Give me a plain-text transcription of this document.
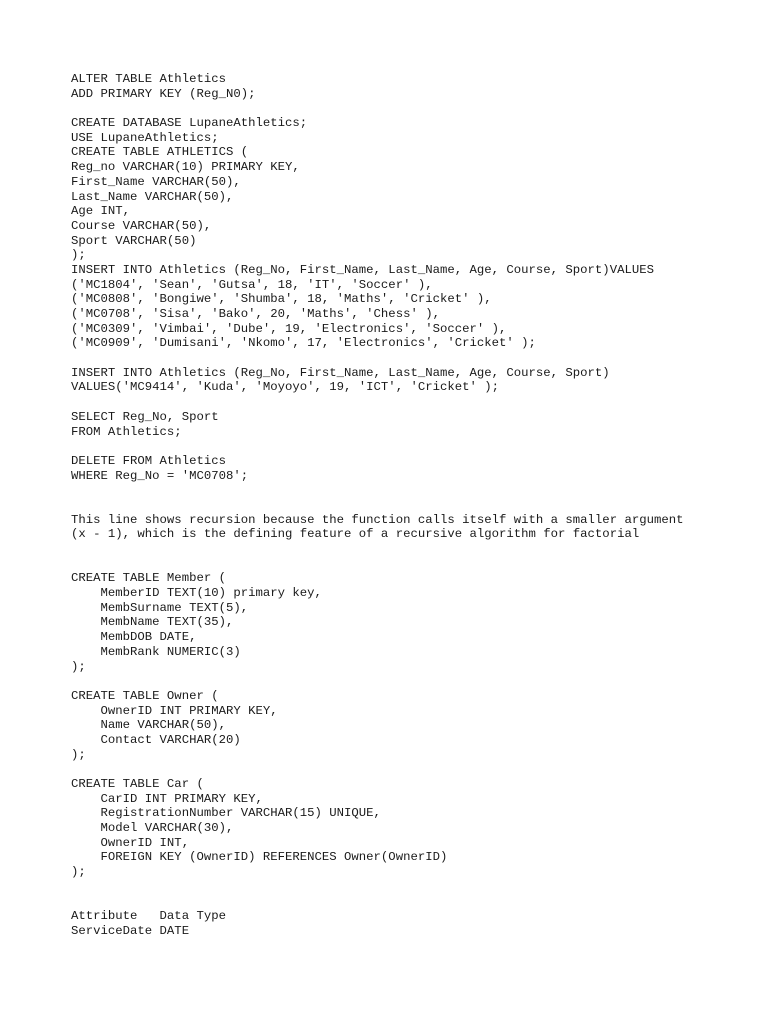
ALTER TABLE Athletics
ADD PRIMARY KEY (Reg_N0);
CREATE DATABASE LupaneAthletics;
USE LupaneAthletics;
CREATE TABLE ATHLETICS (
Reg_no VARCHAR(10) PRIMARY KEY,
First_Name VARCHAR(50),
Last_Name VARCHAR(50),
Age INT,
Course VARCHAR(50),
Sport VARCHAR(50)
);
INSERT INTO Athletics (Reg_No, First_Name, Last_Name, Age, Course, Sport)VALUES
('MC1804', 'Sean', 'Gutsa', 18, 'IT', 'Soccer' ),
('MC0808', 'Bongiwe', 'Shumba', 18, 'Maths', 'Cricket' ),
('MC0708', 'Sisa', 'Bako', 20, 'Maths', 'Chess' ),
('MC0309', 'Vimbai', 'Dube', 19, 'Electronics', 'Soccer' ),
('MC0909', 'Dumisani', 'Nkomo', 17, 'Electronics', 'Cricket' );
INSERT INTO Athletics (Reg_No, First_Name, Last_Name, Age, Course, Sport)
VALUES('MC9414', 'Kuda', 'Moyoyo', 19, 'ICT', 'Cricket' );
SELECT Reg_No, Sport
FROM Athletics;
DELETE FROM Athletics
WHERE Reg_No = 'MC0708';
This line shows recursion because the function calls itself with a smaller argument
(x - 1), which is the defining feature of a recursive algorithm for factorial
CREATE TABLE Member (
MemberID TEXT(10) primary key,
MembSurname TEXT(5),
MembName TEXT(35),
MembDOB DATE,
MembRank NUMERIC(3)
);
CREATE TABLE Owner (
OwnerID INT PRIMARY KEY,
Name VARCHAR(50),
Contact VARCHAR(20)
);
CREATE TABLE Car (
CarID INT PRIMARY KEY,
RegistrationNumber VARCHAR(15) UNIQUE,
Model VARCHAR(30),
OwnerID INT,
FOREIGN KEY (OwnerID) REFERENCES Owner(OwnerID)
);
Attribute   Data Type
ServiceDate DATE
